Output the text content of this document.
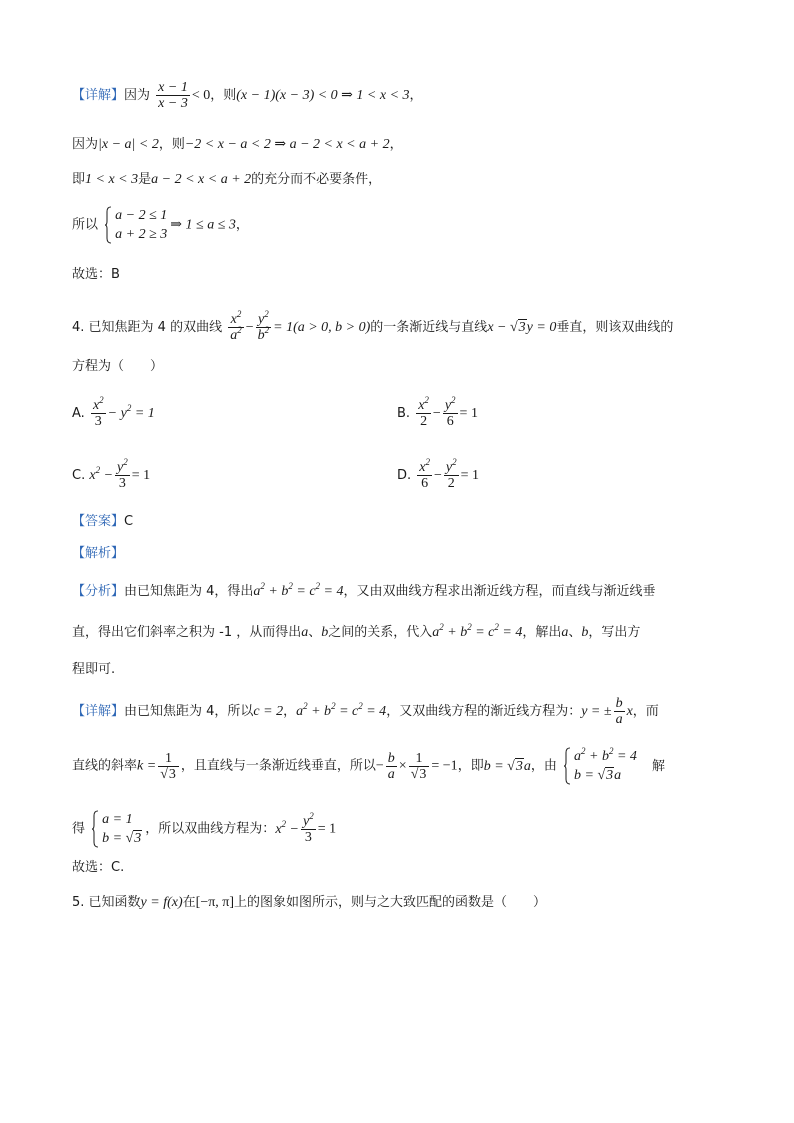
【详解】因为 $\frac{x - 1}{x - 3} < 0$，则(x − 1)(x − 3) < 0 ⇒ 1 < x < 3，
因为|x − a| < 2，则−2 < x − a < 2 ⇒ a − 2 < x < a + 2，
即1 < x < 3是a − 2 < x < a + 2的充分而不必要条件，
所以
a − 2 ≤ 1
a + 2 ≥ 3
⇒ 1 ≤ a ≤ 3，
故选：B
4. 已知焦距为 4 的双曲线 $\frac{x^2}{a^2} - \frac{y^2}{b^2} = 1(a > 0$, b > 0)的一条渐近线与直线x − √3y = 0垂直，则该双曲线的
方程为（　　）
A. $\frac{x^2}{3} - y^2 = 1$	B. $\frac{x^2}{2} - \frac{y^2}{6} = 1$
C. $x^2 - \frac{y^2}{3} = 1$	D. $\frac{x^2}{6} - \frac{y^2}{2} = 1$
【答案】C
【解析】
【分析】由已知焦距为 4，得出$a^2 + b^2 = c^2 = 4$，又由双曲线方程求出渐近线方程，而直线与渐近线垂
直，得出它们斜率之积为 -1 ，从而得出a、b之间的关系，代入$a^2 + b^2 = c^2 = 4$，解出a、b，写出方
程即可.
【详解】由已知焦距为 4，所以c = 2，$a^2 + b^2 = c^2 = 4$，又双曲线方程的渐近线方程为：y = ± $\frac{b}{a}$ x，而
直线的斜率$k = \frac{1}{√3}$ ，且直线与一条渐近线垂直，所以− $\frac{b}{a} \times \frac{1}{√3} = -1$，即b = √3a，由
$a^2 + b^2 = 4$
b = √3a
解
得
a = 1
b = √3
，所以双曲线方程为：$x^2 - \frac{y^2}{3} = 1$
故选：C.
5. 已知函数y = f(x)在[−π, π]上的图象如图所示，则与之大致匹配的函数是（　　）
